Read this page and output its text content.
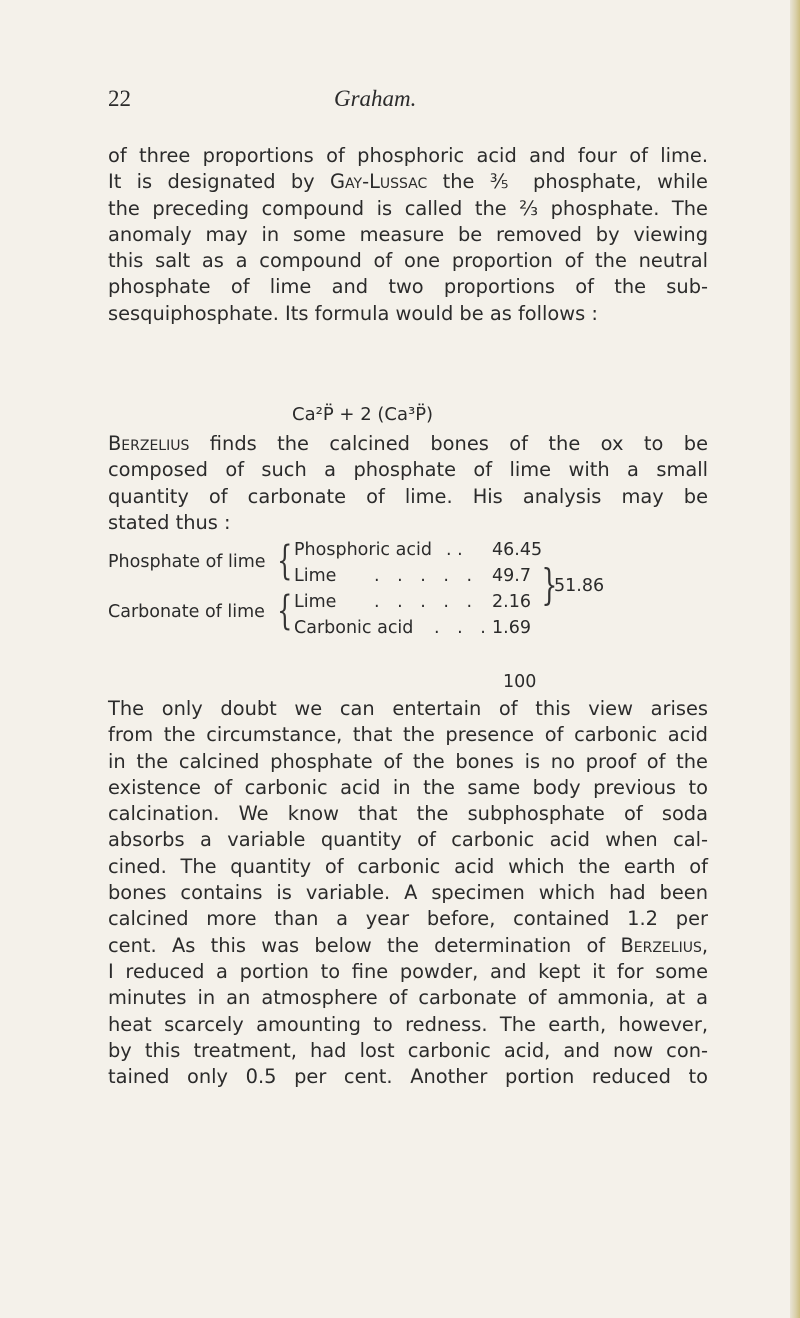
22	Graham.
of three proportions of phosphoric acid and four of lime.
It is designated by Gay-Lussac the ⅗ phosphate, while
the preceding compound is called the ⅔ phosphate. The
anomaly may in some measure be removed by viewing
this salt as a compound of one proportion of the neutral
phosphate of lime and two proportions of the sub-
sesquiphosphate. Its formula would be as follows :
Ca²P̈ + 2 (Ca³P̈)
Berzelius finds the calcined bones of the ox to be
composed of such a phosphate of lime with a small
quantity of carbonate of lime. His analysis may be
stated thus :
Phosphate of lime { Phosphoric acid . . 46.45
Lime . . . . . 49.7
Carbonate of lime { Lime . . . . . 2.16
Carbonic acid . . . 1.69
}
51.86
100
The only doubt we can entertain of this view arises
from the circumstance, that the presence of carbonic acid
in the calcined phosphate of the bones is no proof of the
existence of carbonic acid in the same body previous to
calcination. We know that the subphosphate of soda
absorbs a variable quantity of carbonic acid when cal-
cined. The quantity of carbonic acid which the earth of
bones contains is variable. A specimen which had been
calcined more than a year before, contained 1.2 per
cent. As this was below the determination of Berzelius,
I reduced a portion to fine powder, and kept it for some
minutes in an atmosphere of carbonate of ammonia, at a
heat scarcely amounting to redness. The earth, however,
by this treatment, had lost carbonic acid, and now con-
tained only 0.5 per cent. Another portion reduced to
